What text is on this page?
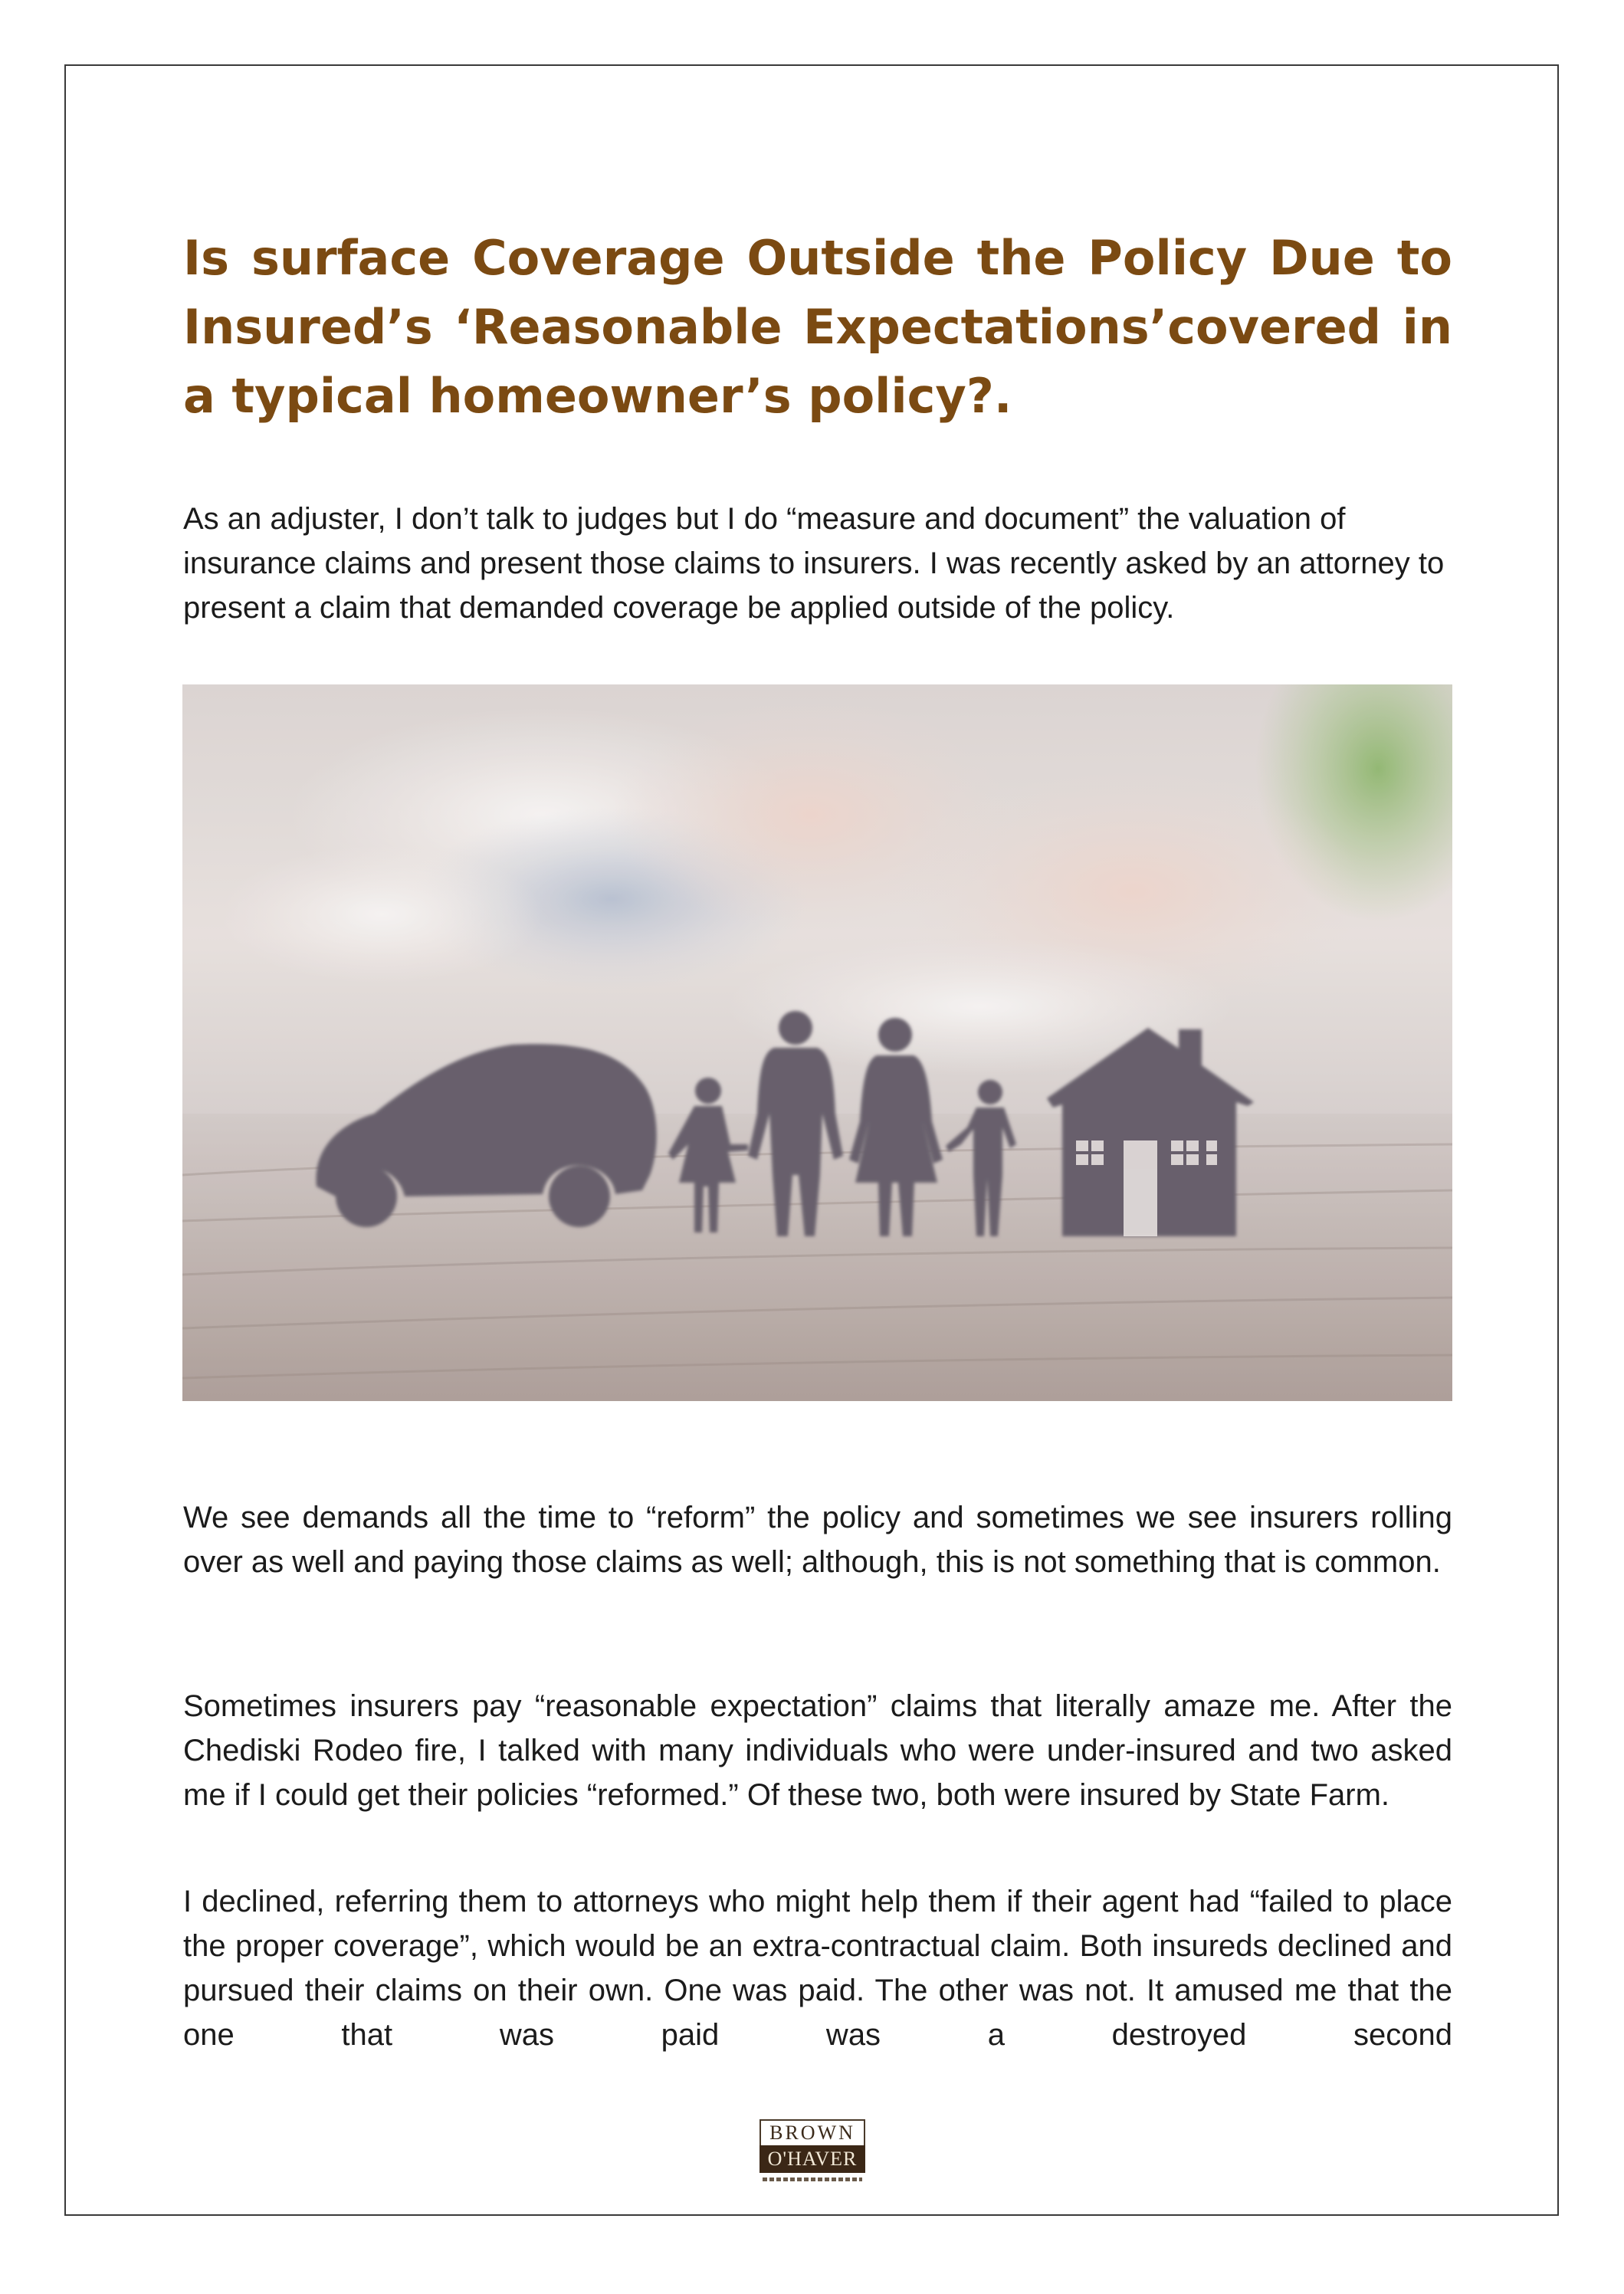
Is surface Coverage Outside the Policy Due to Insured’s ‘Reasonable Expectations’covered in a typical homeowner’s policy?.

As an adjuster, I don’t talk to judges but I do “measure and document” the valuation of insurance claims and present those claims to insurers. I was recently asked by an attorney to present a claim that demanded coverage be applied outside of the policy.

We see demands all the time to “reform” the policy and sometimes we see insurers rolling over as well and paying those claims as well; although, this is not something that is common.

Sometimes insurers pay “reasonable expectation” claims that literally amaze me. After the Chediski Rodeo fire, I talked with many individuals who were under-insured and two asked me if I could get their policies “reformed.” Of these two, both were insured by State Farm.

I declined, referring them to attorneys who might help them if their agent had “failed to place the proper coverage”, which would be an extra-contractual claim. Both insureds declined and pursued their claims on their own. One was paid. The other was not. It amused me that the one that was paid was a destroyed second

BROWN
O'HAVER
